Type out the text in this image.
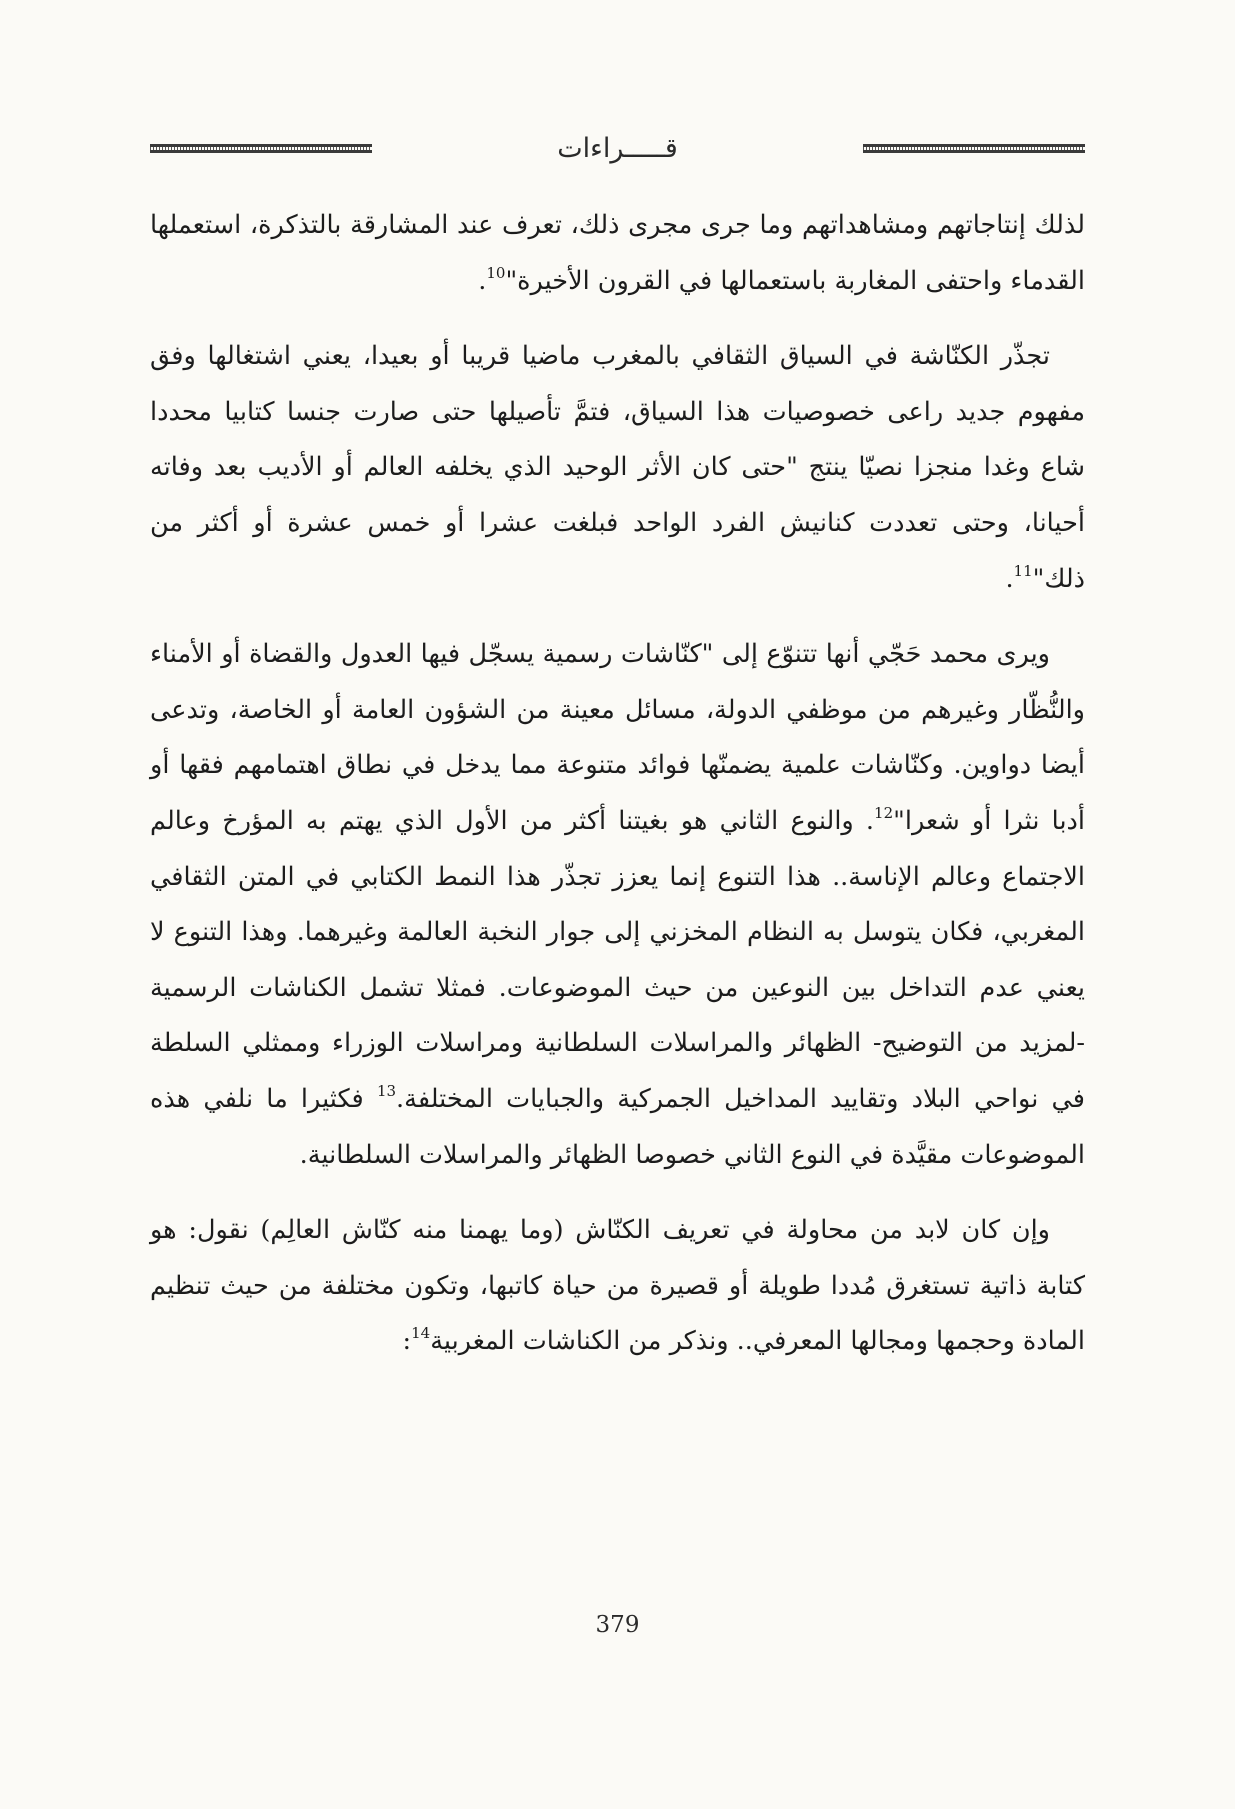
قـــــراءات

لذلك إنتاجاتهم ومشاهداتهم وما جرى مجرى ذلك، تعرف عند المشارقة بالتذكرة، استعملها القدماء واحتفى المغاربة باستعمالها في القرون الأخيرة"$^{10}$.

تجذّر الكنّاشة في السياق الثقافي بالمغرب ماضيا قريبا أو بعيدا، يعني اشتغالها وفق مفهوم جديد راعى خصوصيات هذا السياق، فتمَّ تأصيلها حتى صارت جنسا كتابيا محددا شاع وغدا منجزا نصيّا ينتج "حتى كان الأثر الوحيد الذي يخلفه العالم أو الأديب بعد وفاته أحيانا، وحتى تعددت كنانيش الفرد الواحد فبلغت عشرا أو خمس عشرة أو أكثر من ذلك"$^{11}$.

ويرى محمد حَجّي أنها تتنوّع إلى "كنّاشات رسمية يسجّل فيها العدول والقضاة أو الأمناء والنُّظّار وغيرهم من موظفي الدولة، مسائل معينة من الشؤون العامة أو الخاصة، وتدعى أيضا دواوين. وكنّاشات علمية يضمنّها فوائد متنوعة مما يدخل في نطاق اهتمامهم فقها أو أدبا نثرا أو شعرا"$^{12}$. والنوع الثاني هو بغيتنا أكثر من الأول الذي يهتم به المؤرخ وعالم الاجتماع وعالم الإناسة.. هذا التنوع إنما يعزز تجذّر هذا النمط الكتابي في المتن الثقافي المغربي، فكان يتوسل به النظام المخزني إلى جوار النخبة العالمة وغيرهما. وهذا التنوع لا يعني عدم التداخل بين النوعين من حيث الموضوعات. فمثلا تشمل الكناشات الرسمية -لمزيد من التوضيح- الظهائر والمراسلات السلطانية ومراسلات الوزراء وممثلي السلطة في نواحي البلاد وتقاييد المداخيل الجمركية والجبايات المختلفة.$^{13}$ فكثيرا ما نلفي هذه الموضوعات مقيَّدة في النوع الثاني خصوصا الظهائر والمراسلات السلطانية.

وإن كان لابد من محاولة في تعريف الكنّاش (وما يهمنا منه كنّاش العالِم) نقول: هو كتابة ذاتية تستغرق مُددا طويلة أو قصيرة من حياة كاتبها، وتكون مختلفة من حيث تنظيم المادة وحجمها ومجالها المعرفي.. ونذكر من الكناشات المغربية$^{14}$:

379
